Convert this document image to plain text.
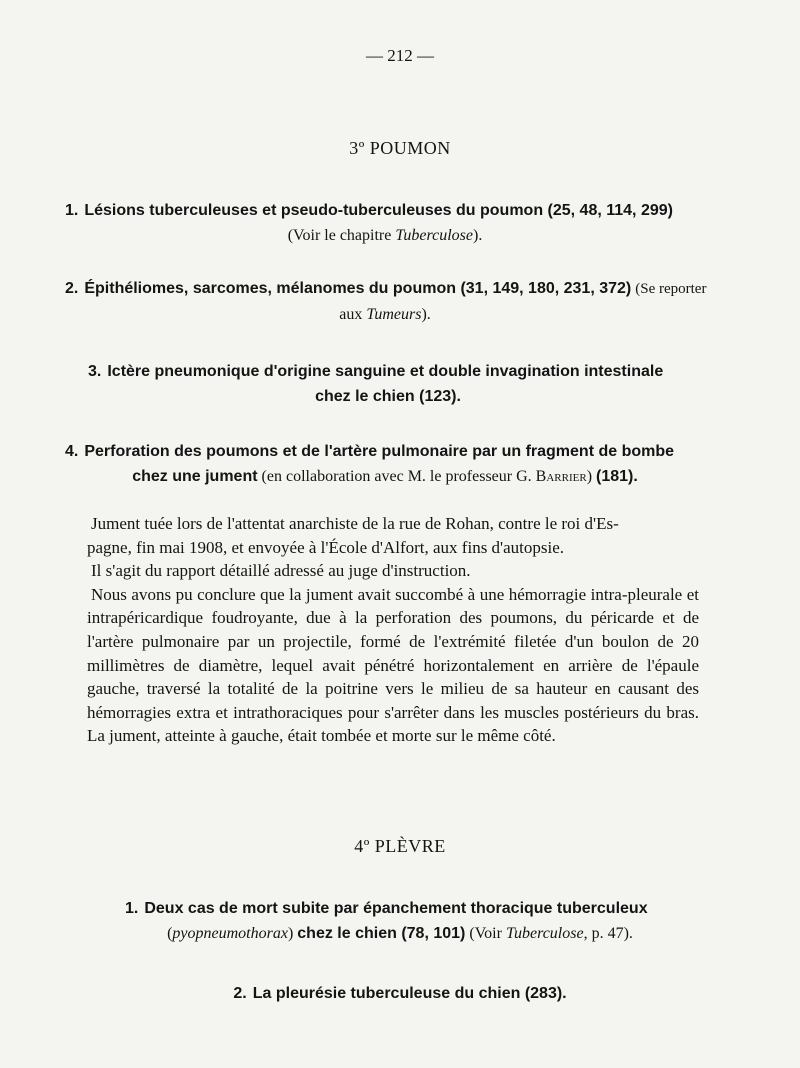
— 212 —
3º POUMON
1. Lésions tuberculeuses et pseudo-tuberculeuses du poumon (25, 48, 114, 299)
(Voir le chapitre Tuberculose).
2. Épithéliomes, sarcomes, mélanomes du poumon (31, 149, 180, 231, 372) (Se reporter
aux Tumeurs).
3. Ictère pneumonique d'origine sanguine et double invagination intestinale
chez le chien (123).
4. Perforation des poumons et de l'artère pulmonaire par un fragment de bombe
chez une jument (en collaboration avec M. le professeur G. Barrier) (181).

Jument tuée lors de l'attentat anarchiste de la rue de Rohan, contre le roi d'Es-

pagne, fin mai 1908, et envoyée à l'École d'Alfort, aux fins d'autopsie.

Il s'agit du rapport détaillé adressé au juge d'instruction.

Nous avons pu conclure que la jument avait succombé à une hémorragie intra-pleurale et intrapéricardique foudroyante, due à la perforation des poumons, du péricarde et de l'artère pulmonaire par un projectile, formé de l'extrémité filetée d'un boulon de 20 millimètres de diamètre, lequel avait pénétré horizontalement en arrière de l'épaule gauche, traversé la totalité de la poitrine vers le milieu de sa hauteur en causant des hémorragies extra et intrathoraciques pour s'arrêter dans les muscles postérieurs du bras. La jument, atteinte à gauche, était tombée et morte sur le même côté.

4º PLÈVRE
1. Deux cas de mort subite par épanchement thoracique tuberculeux
(pyopneumothorax) chez le chien (78, 101) (Voir Tuberculose, p. 47).
2. La pleurésie tuberculeuse du chien (283).
